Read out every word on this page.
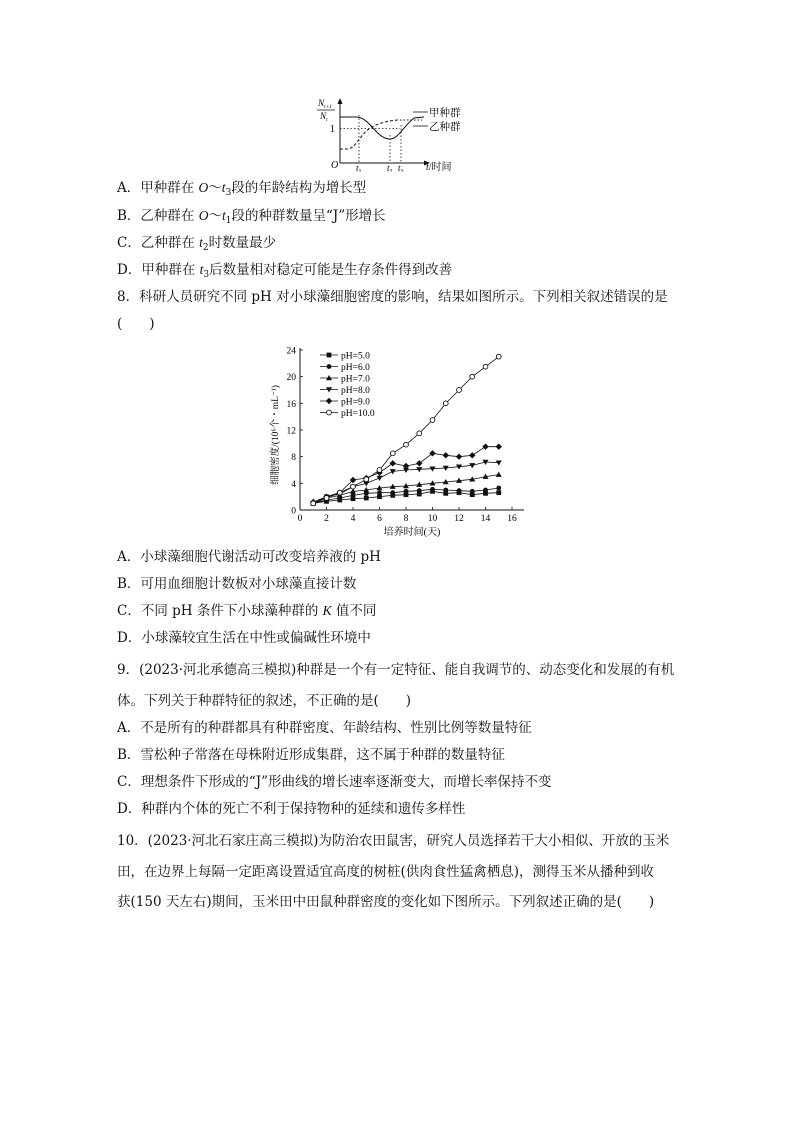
$N_{t+1}$
$N_t$
1
O
甲种群
乙种群
$t_1$	$t_2$ $t_3$ t/时间
A．甲种群在 $O\sim t_3$段的年龄结构为增长型
B．乙种群在 $O\sim t_1$段的种群数量呈“J”形增长
C．乙种群在 $t_2$时数量最少
D．甲种群在 $t_3$后数量相对稳定可能是生存条件得到改善
8．科研人员研究不同 pH 对小球藻细胞密度的影响，结果如图所示。下列相关叙述错误的是
(　　)
0 2 4 6 8 10 12 14 16
0
4
8
12
16
20
24
培养时间(天)
细胞密度/(10⁶个・mL⁻¹)
pH=5.0
pH=6.0
pH=7.0
pH=8.0
pH=9.0
pH=10.0
A．小球藻细胞代谢活动可改变培养液的 pH
B．可用血细胞计数板对小球藻直接计数
C．不同 pH 条件下小球藻种群的 K 值不同
D．小球藻较宜生活在中性或偏碱性环境中
9．(2023·河北承德高三模拟)种群是一个有一定特征、能自我调节的、动态变化和发展的有机
体。下列关于种群特征的叙述，不正确的是(　　)
A．不是所有的种群都具有种群密度、年龄结构、性别比例等数量特征
B．雪松种子常落在母株附近形成集群，这不属于种群的数量特征
C．理想条件下形成的“J”形曲线的增长速率逐渐变大，而增长率保持不变
D．种群内个体的死亡不利于保持物种的延续和遗传多样性
10．(2023·河北石家庄高三模拟)为防治农田鼠害，研究人员选择若干大小相似、开放的玉米
田，在边界上每隔一定距离设置适宜高度的树桩(供肉食性猛禽栖息)，测得玉米从播种到收
获(150 天左右)期间，玉米田中田鼠种群密度的变化如下图所示。下列叙述正确的是(　　)
